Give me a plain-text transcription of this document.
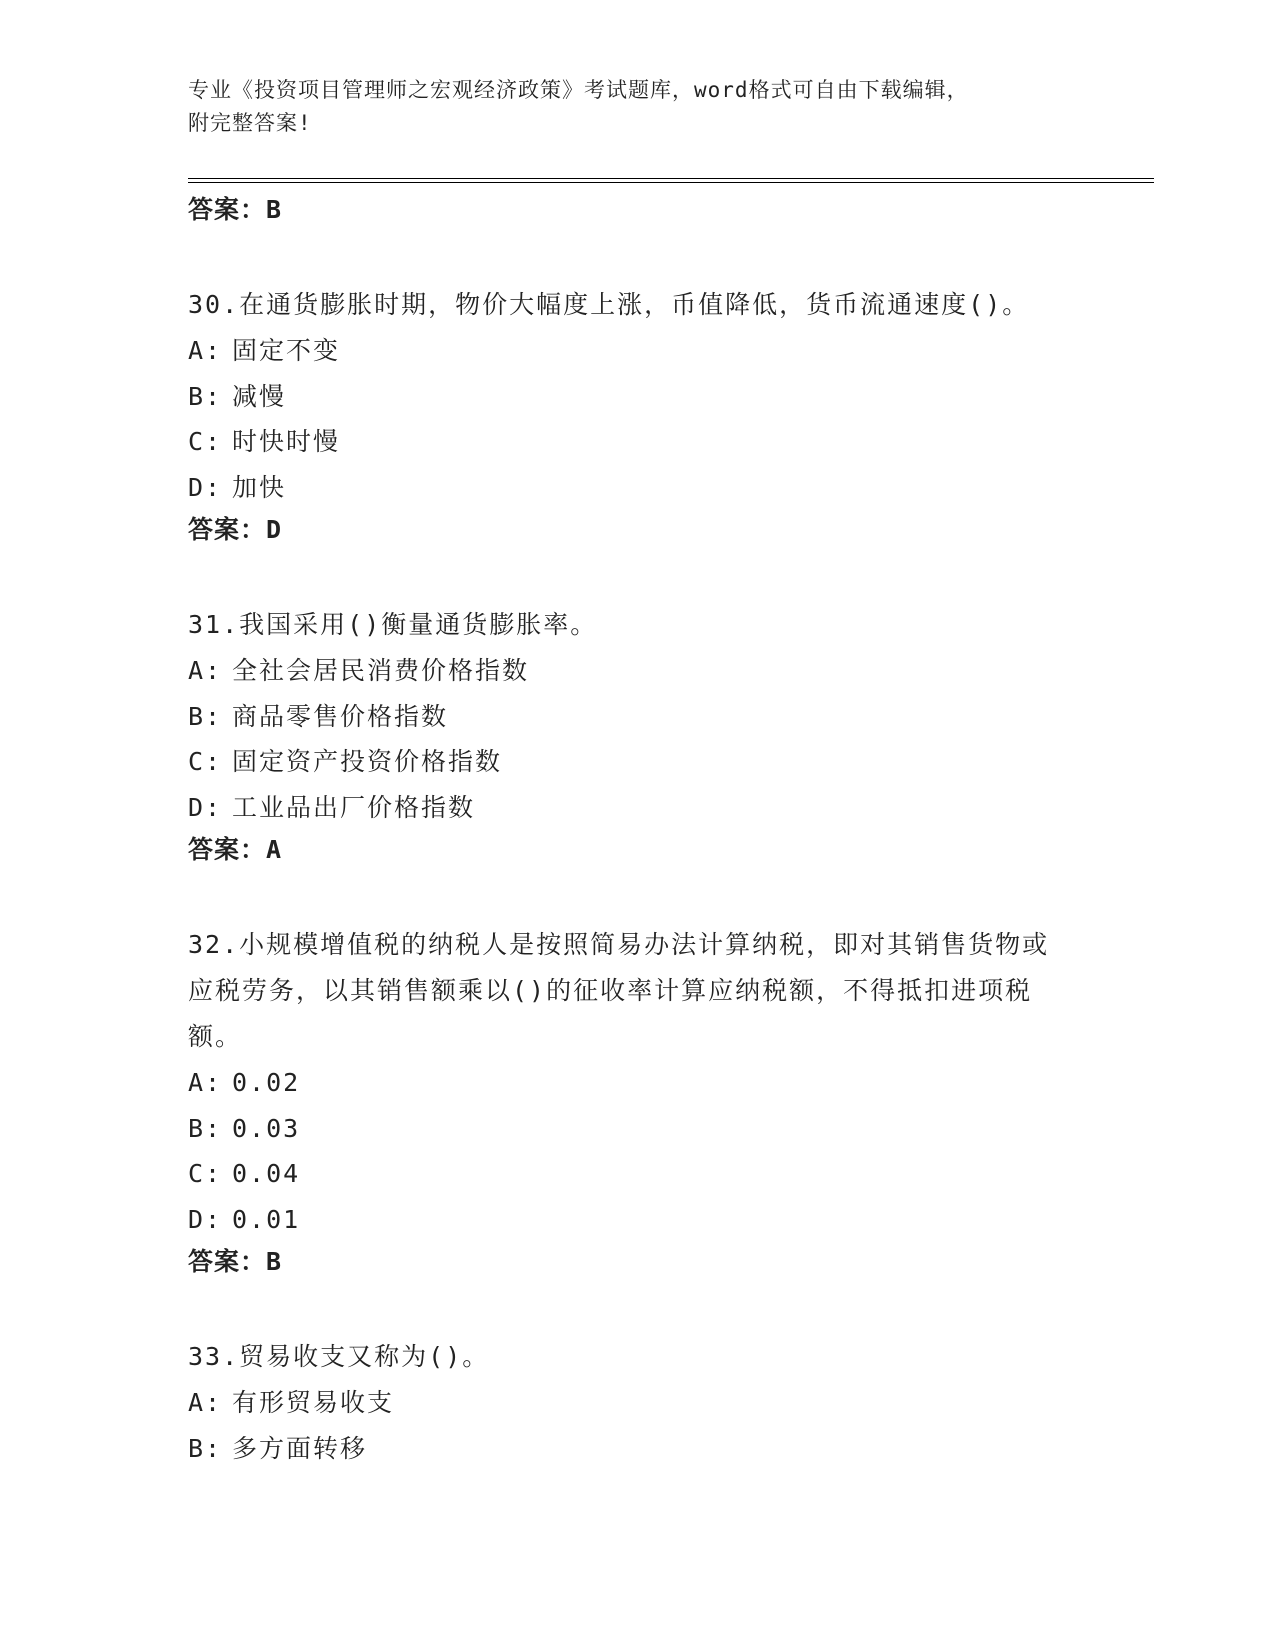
专业《投资项目管理师之宏观经济政策》考试题库，word格式可自由下载编辑，
附完整答案!
答案：B
30.在通货膨胀时期，物价大幅度上涨，币值降低，货币流通速度()。
A: 固定不变
B: 减慢
C: 时快时慢
D: 加快
答案：D
31.我国采用()衡量通货膨胀率。
A: 全社会居民消费价格指数
B: 商品零售价格指数
C: 固定资产投资价格指数
D: 工业品出厂价格指数
答案：A
32.小规模增值税的纳税人是按照简易办法计算纳税，即对其销售货物或应税劳务，以其销售额乘以()的征收率计算应纳税额，不得抵扣进项税额。
A: 0.02
B: 0.03
C: 0.04
D: 0.01
答案：B
33.贸易收支又称为()。
A: 有形贸易收支
B: 多方面转移
